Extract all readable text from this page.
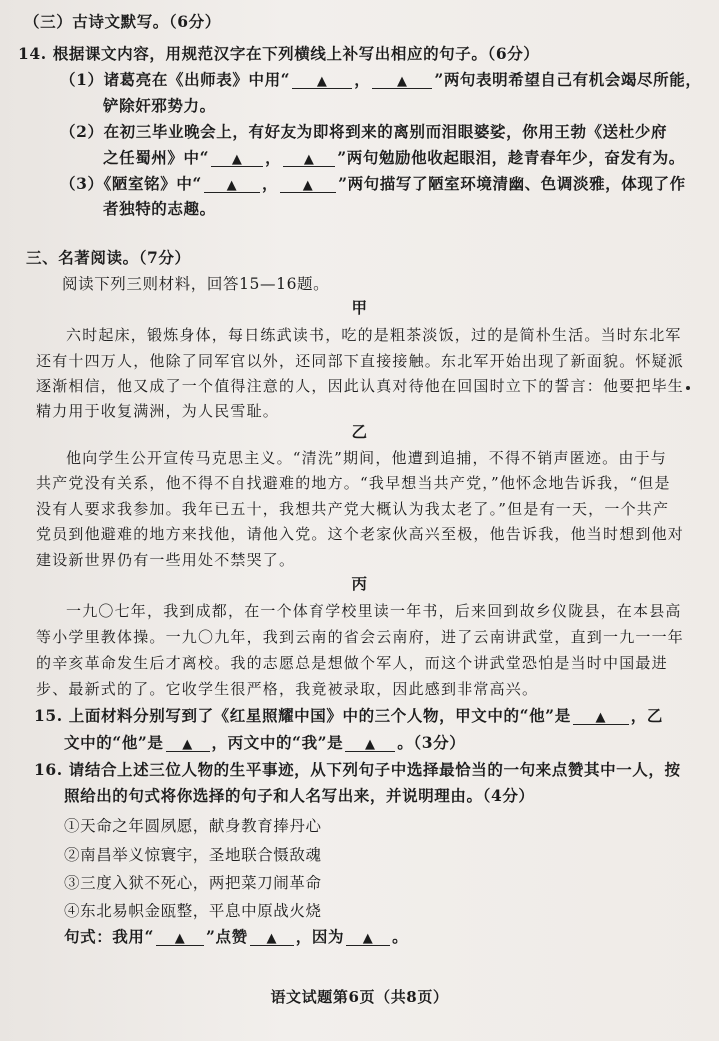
（三）古诗文默写。（6分）
14. 根据课文内容，用规范汉字在下列横线上补写出相应的句子。（6分）
（1）诸葛亮在《出师表》中用“ ▲ ， ▲ ”两句表明希望自己有机会竭尽所能，
铲除奸邪势力。
（2）在初三毕业晚会上，有好友为即将到来的离别而泪眼婆娑，你用王勃《送杜少府
之任蜀州》中“ ▲ ， ▲ ”两句勉励他收起眼泪，趁青春年少，奋发有为。
（3）《陋室铭》中“ ▲ ， ▲ ”两句描写了陋室环境清幽、色调淡雅，体现了作
者独特的志趣。
三、名著阅读。（7分）
阅读下列三则材料，回答15—16题。
甲
六时起床，锻炼身体，每日练武读书，吃的是粗茶淡饭，过的是简朴生活。当时东北军
还有十四万人，他除了同军官以外，还同部下直接接触。东北军开始出现了新面貌。怀疑派
逐渐相信，他又成了一个值得注意的人，因此认真对待他在回国时立下的誓言：他要把毕生
精力用于收复满洲，为人民雪耻。
乙
他向学生公开宣传马克思主义。“清洗”期间，他遭到追捕，不得不销声匿迹。由于与
共产党没有关系，他不得不自找避难的地方。“我早想当共产党，”他怀念地告诉我，“但是
没有人要求我参加。我年已五十，我想共产党大概认为我太老了。”但是有一天，一个共产
党员到他避难的地方来找他，请他入党。这个老家伙高兴至极，他告诉我，他当时想到他对
建设新世界仍有一些用处不禁哭了。
丙
一九〇七年，我到成都，在一个体育学校里读一年书，后来回到故乡仪陇县，在本县高
等小学里教体操。一九〇九年，我到云南的省会云南府，进了云南讲武堂，直到一九一一年
的辛亥革命发生后才离校。我的志愿总是想做个军人，而这个讲武堂恐怕是当时中国最进
步、最新式的了。它收学生很严格，我竟被录取，因此感到非常高兴。
15. 上面材料分别写到了《红星照耀中国》中的三个人物，甲文中的“他”是 ▲ ，乙
文中的“他”是 ▲ ，丙文中的“我”是 ▲ 。（3分）
16. 请结合上述三位人物的生平事迹，从下列句子中选择最恰当的一句来点赞其中一人，按
照给出的句式将你选择的句子和人名写出来，并说明理由。（4分）
①天命之年圆夙愿，献身教育捧丹心
②南昌举义惊寰宇，圣地联合慑敌魂
③三度入狱不死心，两把菜刀闹革命
④东北易帜金瓯整，平息中原战火烧
句式：我用“ ▲ ”点赞 ▲ ，因为 ▲ 。
语文试题第6页（共8页）
